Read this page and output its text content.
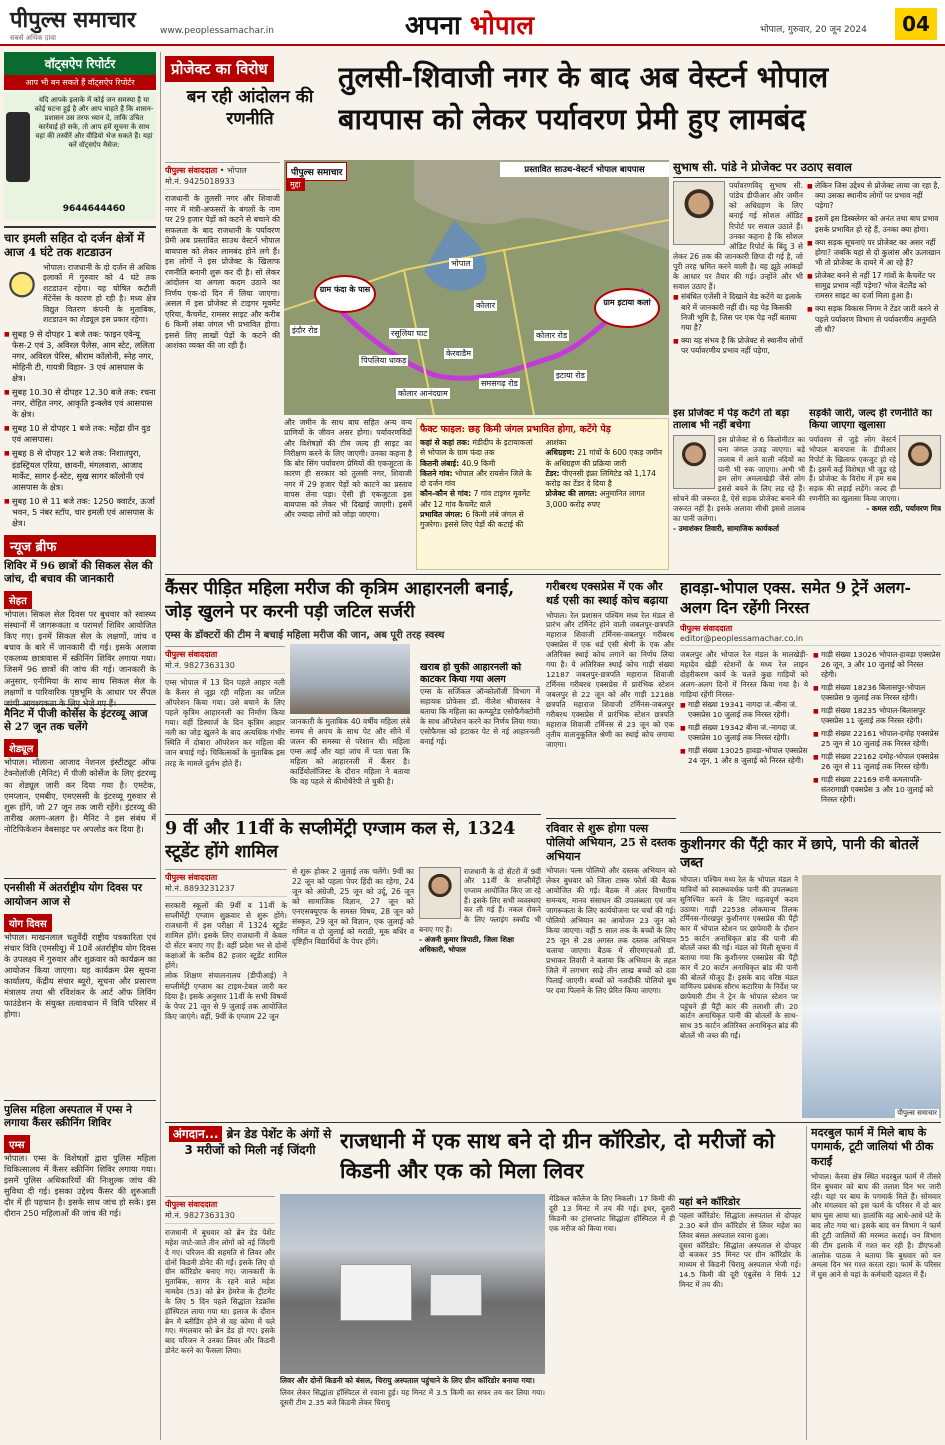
पीपुल्स समाचार
सबसे अधिक दावा
www.peoplessamachar.in	अपना भोपाल	भोपाल, गुरुवार, 20 जून 2024	04
वॉट्सऐप रिपोर्टर
आप भी बन सकते हैं वॉट्सऐप रिपोर्टर
यदि आपके इलाके में कोई जन समस्या है या कोई घटना हुई है और आप चाहते हैं कि शासन-प्रशासन उस तरफ ध्यान दे, ताकि उचित कार्रवाई हो सके, तो आप हमें सूचना के साथ वहां की तस्वीरें और वीडियो भेज सकते हैं। यहां करें वॉट्सऐप मैसेज:
9644644460
चार इमली सहित दो दर्जन क्षेत्रों में आज 4 घंटे तक शटडाउन
भोपाल। राजधानी के दो दर्जन से अधिक इलाकों में गुरुवार को 4 घंटे तक शटडाउन रहेगा। यह घोषित कटौती मेंटेनेंस के कारण हो रही है। मध्य क्षेत्र विद्युत वितरण कंपनी के मुताबिक, शटडाउन का शेड्यूल इस प्रकार रहेगा।
■ सुबह 9 से दोपहर 1 बजे तक: फाइन एवेन्यू फेस-2 एवं 3, अविरल पैलेस, आम स्टेट, ललिता नगर, अविरल पेरिस, श्रीराम कॉलोनी, स्नेह नगर, मोहिनी टी, गायत्री विहार- 3 एवं आसपास के क्षेत्र।
■ सुबह 10.30 से दोपहर 12.30 बजे तक: रचना नगर, रोहित नगर, आकृति इन्क्लेव एवं आसपास के क्षेत्र।
■ सुबह 10 से दोपहर 1 बजे तक: महेंद्रा ग्रीन वुड एवं आसपास।
■ सुबह 8 से दोपहर 12 बजे तक: निशातपुरा, इंडस्ट्रियल एरिया, छावनी, मंगलवारा, आजाद मार्केट, सागर ई-स्टेट, सुख सागर कॉलोनी एवं आसपास के क्षेत्र।
■ सुबह 10 से 11 बजे तक: 1250 क्वार्टर, ऊर्जा भवन, 5 नंबर स्टॉप, चार इमली एवं आसपास के क्षेत्र।
न्यूज ब्रीफ
शिविर में 96 छात्रों की सिकल सेल की जांच, दी बचाव की जानकारी
सेहत
भोपाल। सिकल सेल दिवस पर बुधवार को स्वास्थ्य संस्थानों में जागरूकता व परामर्श शिविर आयोजित किए गए। इनमें सिकल सेल के लक्षणों, जांच व बचाव के बारे में जानकारी दी गई। इसके अलावा एकलव्य छात्रावास में स्क्रीनिंग शिविर लगाया गया। जिसमें 96 छात्रों की जांच की गई। जानकारी के अनुसार, एनीमिया के साथ साथ सिकल सेल के लक्षणों व पारिवारिक पृष्ठभूमि के आधार पर सैंपल जांची आवश्यकता के लिए भेजे गए हैं।
मैनिट में पीजी कोर्सेस के इंटरव्यू आज से 27 जून तक चलेंगे
शेड्यूल
भोपाल। मौलाना आजाद नेशनल इंस्टीट्यूट ऑफ टेक्नोलॉजी (मैनिट) में पीजी कोर्सेज के लिए इंटरव्यू का शेड्यूल जारी कर दिया गया है। एमटेक, एमप्लान, एमबीए, एमएससी के इंटरव्यू गुरुवार से शुरू होंगे, जो 27 जून तक जारी रहेंगे। इंटरव्यू की तारीख अलग-अलग है। मैनिट ने इस संबंध में नोटिफिकेशन वेबसाइट पर अपलोड कर दिया है।
एनसीसी में अंतर्राष्ट्रीय योग दिवस पर आयोजन आज से
योग दिवस
भोपाल। माखनलाल चतुर्वेदी राष्ट्रीय पत्रकारिता एवं संचार विवि (एमसीयू) में 10वें अंतर्राष्ट्रीय योग दिवस के उपलक्ष्य में गुरुवार और शुक्रवार को कार्यक्रम का आयोजन किया जाएगा। यह कार्यक्रम प्रेस सूचना कार्यालय, केंद्रीय संचार ब्यूरो, सूचना और प्रसारण मंत्रालय तथा श्री रविशंकर के आर्ट ऑफ लिविंग फाउंडेशन के संयुक्त तत्वावधान में विवि परिसर में होगा।
पुलिस महिला अस्पताल में एम्स ने लगाया कैंसर स्क्रीनिंग शिविर
एम्स
भोपाल। एम्स के विशेषज्ञों द्वारा पुलिस महिला चिकित्सालय में कैंसर स्क्रीनिंग शिविर लगाया गया। इसमें पुलिस अधिकारियों की निःशुल्क जांच की सुविधा दी गई। इसका उद्देश्य कैंसर की शुरुआती दौर में ही पहचान है। इसके साथ जांच हो सके। इस दौरान 250 महिलाओं की जांच की गई।
प्रोजेक्ट का विरोध
बन रही आंदोलन की रणनीति
तुलसी-शिवाजी नगर के बाद अब वेस्टर्न भोपाल
बायपास को लेकर पर्यावरण प्रेमी हुए लामबंद
पीपुल्स संवाददाता • भोपाल
मो.नं. 9425018933
राजधानी के तुलसी नगर और शिवाजी नगर में मंत्री-अफसरों के बंगलों के नाम पर 29 हजार पेड़ों को कटने से बचाने की सफलता के बाद राजधानी के पर्यावरण प्रेमी अब प्रस्तावित साउथ वेस्टर्न भोपाल बायपास को लेकर लामबंद होने लगे हैं। इस लोगों ने इस प्रोजेक्ट के खिलाफ रणनीति बनानी शुरू कर दी है। सो लेकर आंदोलन या अगला कदम उठाने का निर्णय एक-दो दिन में लिया जाएगा। असल में इस प्रोजेक्ट से टाइगर मूवमेंट एरिया, कैचमेंट, रामसर साइट और करीब 6 किमी लंबा जंगल भी प्रभावित होगा। इससे लिए लाखों पेड़ों के कटने की आशंका व्यक्त की जा रही है।
पीपुल्स समाचार
मुद्दा
प्रस्तावित साउथ-वेस्टर्न भोपाल बायपास
ग्राम फंदा के पास
ग्राम इटाया कलां
भोपाल
कोलार
रसूलिया घाट
पिपलिया धाकड़
केरवाडैम
कोलार रोड
कोलार आनंदग्राम
समसगढ़ रोड
इटाया रोड
इंदौर रोड
और जमीन के साथ बाघ सहित अन्य वन्य प्राणियों के जीवन असर होगा। पर्यावरणविदों और विशेषज्ञों की टीम जल्द ही साइट का निरीक्षण करने के लिए जाएगी। उनका कहना है कि बोर सिंग पर्यावरण प्रेमियों की एकजुटता के कारण ही सरकार को तुलसी नगर, शिवाजी नगर में 29 हजार पेड़ों को काटने का प्रस्ताव वापस लेना पड़ा। ऐसी ही एकजुटता इस बायपास को लेकर भी दिखाई जाएगी। इसमें और ज्यादा लोगों को जोड़ा जाएगा।
फैक्ट फाइल: छह किमी जंगल प्रभावित होगा, कटेंगे पेड़
कहां से कहां तक: मंडीदीप के इटायाकलां से भोपाल के ग्राम फंदा तक
कितनी लंबाई: 40.9 किमी
कितने गांव: भोपाल और रायसेन जिले के दो दर्जन गांव
कौन-कौन से गांव: 7 गांव टाइगर मूवमेंट और 12 गांव कैचमेंट वाले
प्रभावित जंगल: 6 किमी लंबे जंगल से गुजरेगा। इससे लिए पेड़ों की कटाई की आशंका
अधिग्रहण: 21 गांवों के 600 एकड़ जमीन के अधिग्रहण की प्रक्रिया जारी
टेंडर: पीएनसी इंफ्रा लिमिटेड को 1,174 करोड़ का टेंडर दे दिया है
प्रोजेक्ट की लागत: अनुमानित लागत 3,000 करोड़ रुपए
सुभाष सी. पांडे ने प्रोजेक्ट पर उठाए सवाल
पर्यावरणविद् सुभाष सी. पांडेय डीपीआर और जमीन को अधिग्रहण के लिए बनाई गई सोशल ऑडिट रिपोर्ट पर सवाल उठाते हैं। उनका कहना है कि सोशल ऑडिट रिपोर्ट के बिंदु 3 से लेकर 26 तक की जानकारी छिपा दी गई है, जो पूरी तरह भ्रमित करने वाली है। यह झूठे आंकड़ों के आधार पर तैयार की गई। उन्होंने और भी सवाल उठाए हैं।
■ संबंधित एजेंसी ने दिखाने वेड कटेंगे या इलाके बारे में जानकारी नहीं दी। यह पेड़ किसकी निजी भूमि है, जिस पर एक पेड़ नहीं बताया गया है?
■ क्या यह संभव है कि प्रोजेक्ट से स्थानीय लोगों पर पर्यावरणीय प्रभाव नहीं पड़ेगा,
■ लेकिन जिस उद्देश्य से प्रोजेक्ट लाया जा रहा है, क्या उसका स्थानीय लोगों पर प्रभाव नहीं पड़ेगा?
■ इसमें इस डिस्क्लेमर को अनंत तथा बाघ प्रभाव इसके प्रभावित हो रहे हैं, उनका क्या होगा।
■ क्या सड़क सूचनाएं पर प्रोजेक्ट का असर नहीं होगा? जबकि यहां से दो कुलांस और ऊलाखान भी तो प्रोजेक्ट के दायरे में आ रहे हैं?
■ प्रोजेक्ट बनने से नहीं 17 गांवों के कैचमेंट पर सामुद्र प्रभाव नहीं पड़ेगा? भोज वेटलैंड को रामसर साइट का दर्जा मिला हुआ है।
■ क्या सड़क विकास निगम ने टेंडर जारी करने से पहले पर्यावरण विभाग से पर्यावरणीय अनुमति ली थी?
इस प्रोजेक्ट में पेड़ कटेंगे तो बड़ा तालाब भी नहीं बचेगा
इस प्रोजेक्ट से 6 किलोमीटर का घना जंगल उजड़ जाएगा। बड़े तालाब में आने वाली नदियों का पानी भी रुक जाएगा। अभी भी हम लोग अमलाखेड़ी जैसे लोग इससे बचने के लिए लड़ रहे हैं। सोचने की जरूरत है, ऐसे सड़क प्रोजेक्ट बनाने की जरूरत नहीं है। इसके अलावा सीधी इससे तालाब का पानी जलेगा।
- उमाशंकर तिवारी, सामाजिक कार्यकर्ता
सड़की जारी, जल्द ही रणनीति का किया जाएगा खुलासा
पर्यावरण से जुड़े लोग वेस्टर्न भोपाल बायपास के डीपीआर रिपोर्ट के खिलाफ एकजुट हो रहे हैं। इसमें कई विशेषज्ञ भी जुड़ रहे हैं। प्रोजेक्ट के विरोध में हम सब सड़क की लड़ाई लड़ेंगे। जल्द ही रणनीति का खुलासा किया जाएगा।
- कमल राठी, पर्यावरण मित्र
कैंसर पीड़ित महिला मरीज की कृत्रिम आहारनली बनाई, जोड़ खुलने पर करनी पड़ी जटिल सर्जरी
एम्स के डॉक्टरों की टीम ने बचाई महिला मरीज की जान, अब पूरी तरह स्वस्थ
पीपुल्स संवाददाता
मो.नं. 9827363130
एम्स भोपाल में 13 दिन पहले आहार नली के कैंसर से जूझ रही महिला का जटिल ऑपरेशन किया गया। उसे बचाने के लिए पहले कृत्रिम आहारनली का निर्माण किया गया। वहीं डिस्चार्ज के दिन कृत्रिम आहार नली का जोड़ खुलने के बाद अत्यधिक गंभीर स्थिति में दोबारा ऑपरेशन कर महिला की जान बचाई गई। चिकित्सकों के मुताबिक इस तरह के मामले दुर्लभ होते हैं।
जानकारी के मुताबिक 40 वर्षीय महिला लंबे समय से अपच के साथ पेट और सीने में जलन की समस्या से परेशान थी। महिला एम्स आईं और यहां जांच में पता चला कि महिला को आहारनली में कैंसर है। कार्डियोलॉजिस्ट के दौरान महिला ने बताया कि वह पहले से कीमोथैरेपी ले चुकी है।
गरीबरथ एक्सप्रेस में एक और थर्ड एसी का स्थाई कोच बढ़ाया
भोपाल। रेल प्रशासन पश्चिम मध्य रेल मंडल से प्रारंभ और टर्मिनेट होने वाली जबलपुर-छत्रपति महाराज शिवाजी टर्मिनस-जबलपुर गरीबरथ एक्सप्रेस में एक थर्ड एसी श्रेणी के एक और अतिरिक्त स्थाई कोच लगाने का निर्णय लिया गया है। ये अतिरिक्त स्थाई कोच गाड़ी संख्या 12187 जबलपुर-छत्रपति महाराज शिवाजी टर्मिनस गरीबरथ एक्सप्रेस में प्रारंभिक स्टेशन जबलपुर से 22 जून को और गाड़ी 12188 छत्रपति महाराज शिवाजी टर्मिनस-जबलपुर गरीबरथ एक्सप्रेस में प्रारंभिक स्टेशन छत्रपति महाराज शिवाजी टर्मिनस से 23 जून को एक तृतीय वातानुकूलित श्रेणी का स्थाई कोच लगाया जाएगा।
खराब हो चुकी आहारनली को काटकर किया गया अलग
एम्स के सर्जिकल ऑन्कोलॉजी विभाग में सहायक प्रोफेसर डॉ. नीलेश श्रीवास्तव ने बताया कि महिला का कम्प्यूटेड एसोफैगेक्टोमी के साथ ऑपरेशन करने का निर्णय लिया गया। एसोफैगस को हटाकर पेट से नई आहारनली बनाई गई।
हावड़ा-भोपाल एक्स. समेत 9 ट्रेनें अलग-अलग दिन रहेंगी निरस्त
पीपुल्स संवाददाता
editor@peoplessamachar.co.in
जबलपुर और भोपाल रेल मंडल के मालखेड़ी-महादेव खेड़ी स्टेशनों के मध्य रेल लाइन दोहरीकरण कार्य के चलते कुछ गाड़ियों को अलग-अलग दिनों में निरस्त किया गया है। ये गाड़ियां रहेंगी निरस्त-
■ गाड़ी संख्या 19341 नागदा जं.-बीना जं. एक्सप्रेस 10 जुलाई तक निरस्त रहेगी।
■ गाड़ी संख्या 19342 बीना जं.-नागदा जं. एक्सप्रेस 10 जुलाई तक निरस्त रहेगी।
■ गाड़ी संख्या 13025 हावड़ा-भोपाल एक्सप्रेस 24 जून, 1 और 8 जुलाई को निरस्त रहेगी।
■ गाड़ी संख्या 13026 भोपाल-हावड़ा एक्सप्रेस 26 जून, 3 और 10 जुलाई को निरस्त रहेगी।
■ गाड़ी संख्या 18236 बिलासपुर-भोपाल एक्सप्रेस 9 जुलाई तक निरस्त रहेगी।
■ गाड़ी संख्या 18235 भोपाल-बिलासपुर एक्सप्रेस 11 जुलाई तक निरस्त रहेगी।
■ गाड़ी संख्या 22161 भोपाल-दमोह एक्सप्रेस 25 जून से 10 जुलाई तक निरस्त रहेगी।
■ गाड़ी संख्या 22162 दमोह-भोपाल एक्सप्रेस 26 जून से 11 जुलाई तक निरस्त रहेगी।
■ गाड़ी संख्या 22169 रानी कमलापति-संतरागाछी एक्सप्रेस 3 और 10 जुलाई को निरस्त रहेगी।
9 वीं और 11वीं के सप्लीमेंट्री एग्जाम कल से, 1324 स्टूडेंट होंगे शामिल
पीपुल्स संवाददाता
मो.नं. 8893231237
सरकारी स्कूलों की 9वीं व 11वीं के सप्लीमेंट्री एग्जाम शुक्रवार से शुरू होंगे। राजधानी में इस परीक्षा में 1324 स्टूडेंट शामिल होंगे। इसके लिए राजधानी में केवल दो सेंटर बनाए गए हैं। वहीं प्रदेश भर से दोनों कक्षाओं के करीब 82 हजार स्टूडेंट शामिल होंगे।
लोक शिक्षण संचालनालय (डीपीआई) ने सप्लीमेंट्री एग्जाम का टाइम-टेबल जारी कर दिया है। इसके अनुसार 11वीं के सभी विषयों के पेपर 21 जून से 9 जुलाई तक आयोजित किए जाएंगे। वहीं, 9वीं के एग्जाम 22 जून
से शुरू होकर 2 जुलाई तक चलेंगे। 9वीं का 22 जून को पहला पेपर हिंदी का रहेगा, 24 जून को अंग्रेजी, 25 जून को उर्दू, 26 जून को सामाजिक विज्ञान, 27 जून को एनएसक्यूएफ के समस्त विषय, 28 जून को संस्कृत, 29 जून को विज्ञान, एक जुलाई को गणित व दो जुलाई को मराठी, मूक बधिर व दृष्टिहीन विद्यार्थियों के पेपर होंगे।
राजधानी के दो सेंटरों में 9वीं और 11वीं के सप्लीमेंट्री एग्जाम आयोजित किए जा रहे हैं। इसके लिए सभी व्यवस्थाएं कर ली गई हैं। नकल रोकने के लिए फ्लाइंग स्क्वॉड भी बनाए गए हैं।
- अंजनी कुमार त्रिपाठी, जिला शिक्षा अधिकारी, भोपाल
रविवार से शुरू होगा पल्स पोलियो अभियान, 25 से दस्तक अभियान
भोपाल। पल्स पोलियो और दस्तक अभियान को लेकर बुधवार को जिला टास्क फोर्स की बैठक आयोजित की गई। बैठक में अंतर विभागीय समन्वय, मानव संसाधन की उपलब्धता एवं जन जागरूकता के लिए कार्ययोजना पर चर्चा की गई। पोलियो अभियान का आयोजन 23 जून को किया जाएगा। वहीं 5 साल तक के बच्चों के लिए 25 जून से 28 अगस्त तक दस्तक अभियान चलाया जाएगा। बैठक में सीएमएचओ डॉ. प्रभाकर तिवारी ने बताया कि अभियान के तहत जिले में लगभग साढ़े तीन लाख बच्चों को दवा पिलाई जाएगी। बच्चों को नजदीकी पोलियो बूथ पर दवा पिलाने के लिए प्रेरित किया जाएगा।
कुशीनगर की पैंट्री कार में छापे, पानी की बोतलें जब्त
भोपाल। पश्चिम मध्य रेल के भोपाल मंडल ने यात्रियों को स्वास्थ्यवर्धक पानी की उपलब्धता सुनिश्चित करने के लिए महत्वपूर्ण कदम उठाया। गाड़ी 22538 लोकमान्य तिलक टर्मिनस-गोरखपुर कुशीनगर एक्सप्रेस की पैंट्री कार में भोपाल स्टेशन पर छापेमारी के दौरान 55 कार्टन अनाधिकृत ब्रांड की पानी की बोतलें जब्त की गई। मंडल को मिली सूचना में बताया गया कि कुशीनगर एक्सप्रेस की पैंट्री कार में 20 कार्टन अनाधिकृत ब्रांड की पानी की बोतलें मौजूद हैं। इसके बाद वरिष्ठ मंडल वाणिज्य प्रबंधक सौरभ कटारिया के निर्देश पर छापेमारी टीम ने ट्रेन के भोपाल स्टेशन पर पहुंचने ही पैंट्री कार की तलाशी ली। 20 कार्टन अनाधिकृत पानी की बोतलों के साथ-साथ 35 कार्टन अतिरिक्त अनाधिकृत ब्रांड की बोतलें भी जब्त की गईं।
पीपुल्स समाचार
अंगदान... ब्रेन डेड पेशेंट के अंगों से 3 मरीजों को मिली नई जिंदगी	राजधानी में एक साथ बने दो ग्रीन कॉरिडोर, दो मरीजों को किडनी और एक को मिला लिवर
पीपुल्स संवाददाता
मो.नं. 9827363130
राजधानी में बुधवार को ब्रेन डेड पेशेंट महेश जाटे-जाते तीन लोगों को नई जिंदगी दे गए। परिजन की सहमति से लिवर और दोनों किडनी डोनेट की गईं। इसके लिए दो ग्रीन कॉरिडोर बनाए गए। जानकारी के मुताबिक, सागर के रहने वाले महेश नामदेव (53) को ब्रेन हेमरेज के ट्रीटमेंट के लिए 5 दिन पहले सिद्धांता रेडक्रॉस हॉस्पिटल लाया गया था। इलाज के दौरान ब्रेन में ब्लीडिंग होने से वह कोमा में चले गए। मंगलवार को ब्रेन डेड हो गए। इसके बाद परिजन ने उनका लिवर और किडनी डोनेट करने का फैसला लिया।
लिवर और दोनों किडनी को बंसल, चिरायु अस्पताल पहुंचाने के लिए ग्रीन कॉरिडोर बनाया गया।
लिवर लेकर सिद्धांता हॉस्पिटल से रवाना हुई। यह मिनट में 3.5 किमी का सफर तय कर लिया गया। दूसरी टीम 2.35 बजे किडनी लेकर चिरायु
मेडिकल कॉलेज के लिए निकली। 17 किमी की दूरी 13 मिनट में तय की गई। इधर, दूसरी किडनी का ट्रांसप्लांट सिद्धांता हॉस्पिटल में ही एक मरीज को किया गया।
यहां बने कॉरिडोर
पहला कॉरिडोर: सिद्धांता अस्पताल से दोपहर 2.30 बजे ग्रीन कॉरिडोर से लिवर महेश का लिवर बंसल अस्पताल रवाना हुआ।
दूसरा कॉरिडोर: सिद्धांता अस्पताल से दोपहर दो बजकर 35 मिनट पर ग्रीन कॉरिडोर के माध्यम से किडनी चिरायु अस्पताल भेजी गई। 14.5 किमी की दूरी एंबुलेंस ने सिर्फ 12 मिनट में तय की।
मदरबुल फार्म में मिले बाघ के पगमार्क, टूटी जालियां भी ठीक कराईं
भोपाल। केरवा क्षेत्र स्थित मदरबुल फार्म में तीसरे दिन बुधवार को बाघ की तलाश दिन भर जारी रही। यहां पर बाघ के पगमार्क मिले हैं। सोमवार और मंगलवार को इस फार्म के परिसर में दो बार बाघ घुस आया था। हालांकि वह आधे-आधे घंटे के बाद लौट गया था। इसके बाद वन विभाग ने फार्म की टूटी जालियों की मरम्मत कराई। वन विभाग की टीम इलाके में गश्त कर रही है। डीएफओ आलोक पाठक ने बताया कि बुधवार को वन अमला दिन भर गश्त करता रहा। फार्म के परिसर में घुस आने से यहां के कर्मचारी दहशत में हैं।
